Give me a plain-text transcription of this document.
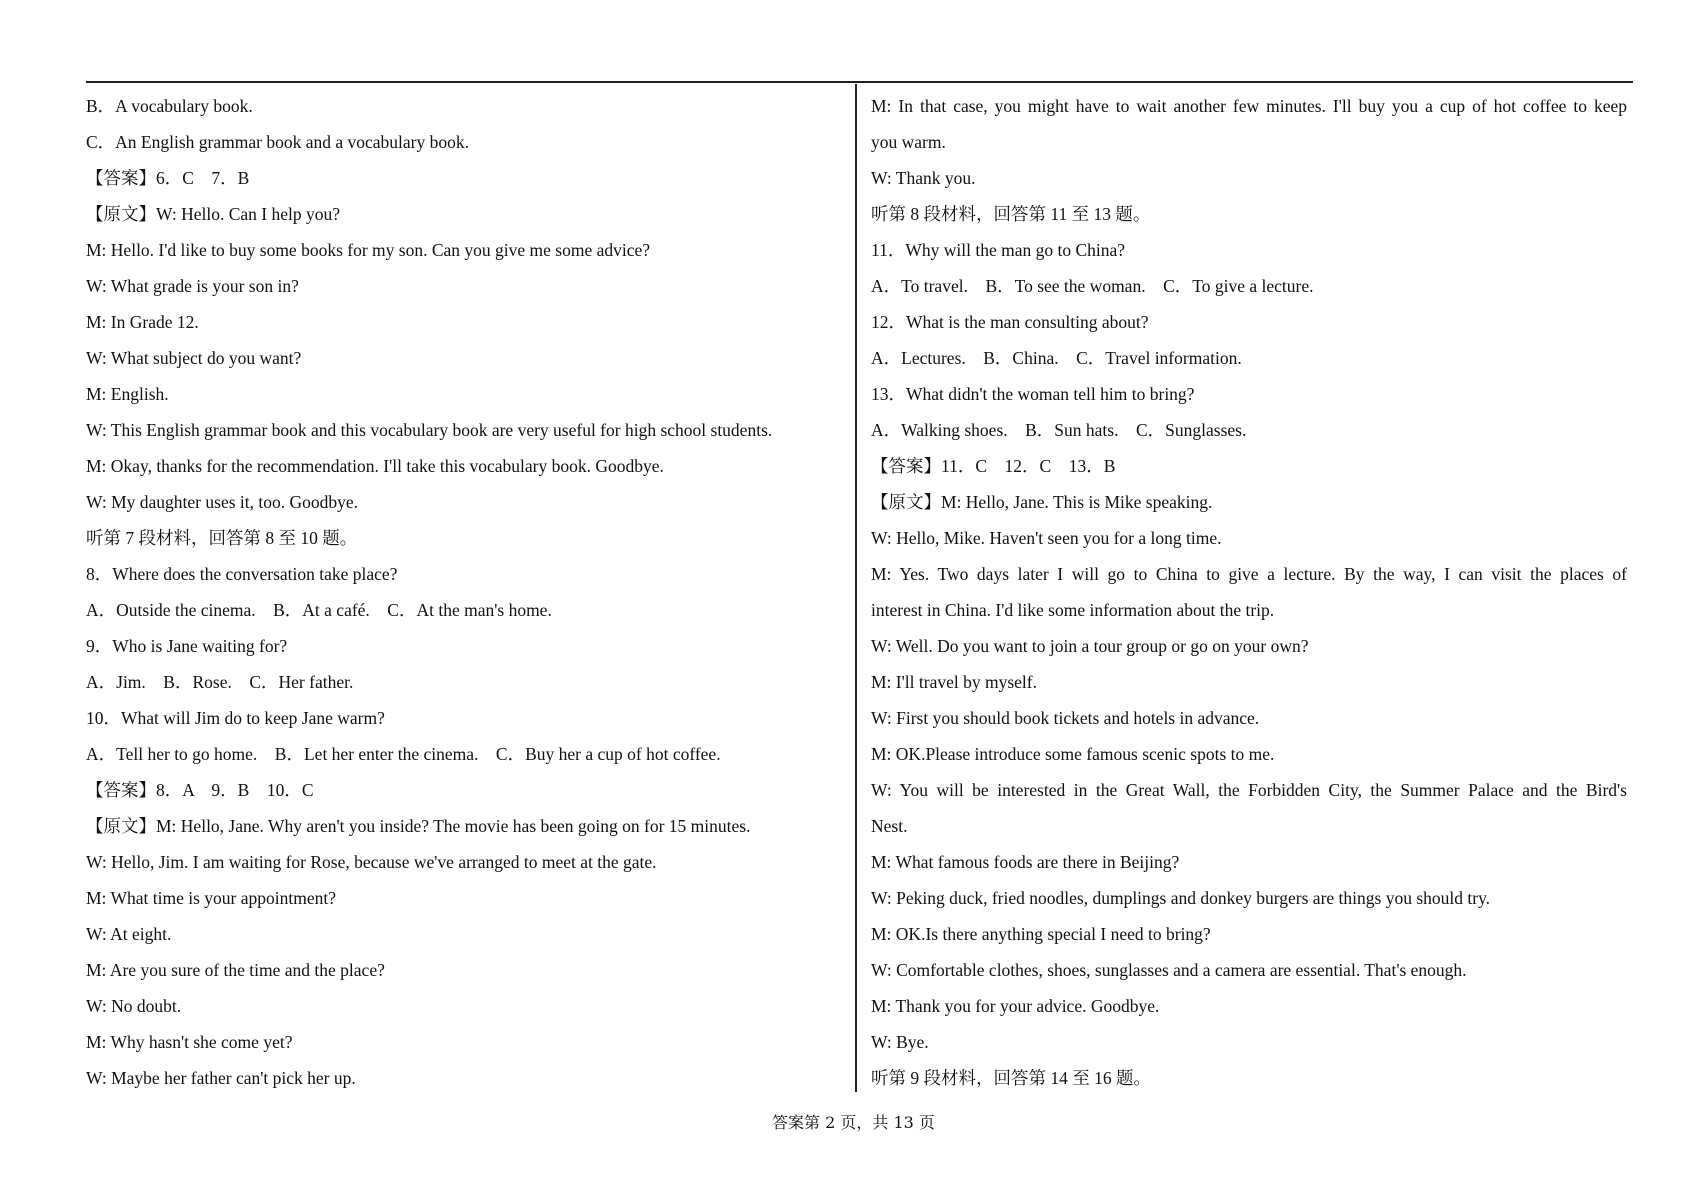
B．A vocabulary book.
C．An English grammar book and a vocabulary book.
【答案】6．C　7．B
【原文】W: Hello. Can I help you?
M: Hello. I'd like to buy some books for my son. Can you give me some advice?
W: What grade is your son in?
M: In Grade 12.
W: What subject do you want?
M: English.
W: This English grammar book and this vocabulary book are very useful for high school students.
M: Okay, thanks for the recommendation. I'll take this vocabulary book. Goodbye.
W: My daughter uses it, too. Goodbye.
听第 7 段材料，回答第 8 至 10 题。
8．Where does the conversation take place?
A．Outside the cinema.　B．At a café.　C．At the man's home.
9．Who is Jane waiting for?
A．Jim.　B．Rose.　C．Her father.
10．What will Jim do to keep Jane warm?
A．Tell her to go home.　B．Let her enter the cinema.　C．Buy her a cup of hot coffee.
【答案】8．A　9．B　10．C
【原文】M: Hello, Jane. Why aren't you inside? The movie has been going on for 15 minutes.
W: Hello, Jim. I am waiting for Rose, because we've arranged to meet at the gate.
M: What time is your appointment?
W: At eight.
M: Are you sure of the time and the place?
W: No doubt.
M: Why hasn't she come yet?
W: Maybe her father can't pick her up.
M: In that case, you might have to wait another few minutes. I'll buy you a cup of hot coffee to keep
you warm.
W: Thank you.
听第 8 段材料，回答第 11 至 13 题。
11．Why will the man go to China?
A．To travel.　B．To see the woman.　C．To give a lecture.
12．What is the man consulting about?
A．Lectures.　B．China.　C．Travel information.
13．What didn't the woman tell him to bring?
A．Walking shoes.　B．Sun hats.　C．Sunglasses.
【答案】11．C　12．C　13．B
【原文】M: Hello, Jane. This is Mike speaking.
W: Hello, Mike. Haven't seen you for a long time.
M: Yes. Two days later I will go to China to give a lecture. By the way, I can visit the places of
interest in China. I'd like some information about the trip.
W: Well. Do you want to join a tour group or go on your own?
M: I'll travel by myself.
W: First you should book tickets and hotels in advance.
M: OK.Please introduce some famous scenic spots to me.
W: You will be interested in the Great Wall, the Forbidden City, the Summer Palace and the Bird's
Nest.
M: What famous foods are there in Beijing?
W: Peking duck, fried noodles, dumplings and donkey burgers are things you should try.
M: OK.Is there anything special I need to bring?
W: Comfortable clothes, shoes, sunglasses and a camera are essential. That's enough.
M: Thank you for your advice. Goodbye.
W: Bye.
听第 9 段材料，回答第 14 至 16 题。
答案第 2 页，共 13 页
